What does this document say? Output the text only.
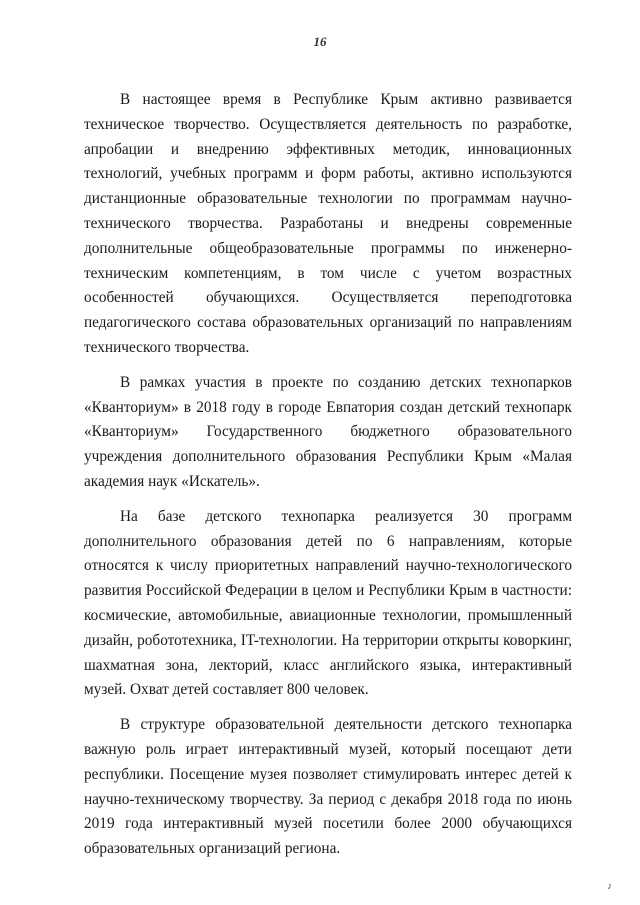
16

В настоящее время в Республике Крым активно развивается техническое творчество. Осуществляется деятельность по разработке, апробации и внедрению эффективных методик, инновационных технологий, учебных программ и форм работы, активно используются дистанционные образовательные технологии по программам научно-технического творчества. Разработаны и внедрены современные дополнительные общеобразовательные программы по инженерно-техническим компетенциям, в том числе с учетом возрастных особенностей обучающихся. Осуществляется переподготовка педагогического состава образовательных организаций по направлениям технического творчества.

В рамках участия в проекте по созданию детских технопарков «Кванториум» в 2018 году в городе Евпатория создан детский технопарк «Кванториум» Государственного бюджетного образовательного учреждения дополнительного образования Республики Крым «Малая академия наук «Искатель».

На базе детского технопарка реализуется 30 программ дополнительного образования детей по 6 направлениям, которые относятся к числу приоритетных направлений научно-технологического развития Российской Федерации в целом и Республики Крым в частности: космические, автомобильные, авиационные технологии, промышленный дизайн, робототехника, IT-технологии. На территории открыты коворкинг, шахматная зона, лекторий, класс английского языка, интерактивный музей. Охват детей составляет 800 человек.

В структуре образовательной деятельности детского технопарка важную роль играет интерактивный музей, который посещают дети республики. Посещение музея позволяет стимулировать интерес детей к научно-техническому творчеству. За период с декабря 2018 года по июнь 2019 года интерактивный музей посетили более 2000 обучающихся образовательных организаций региона.

♪
